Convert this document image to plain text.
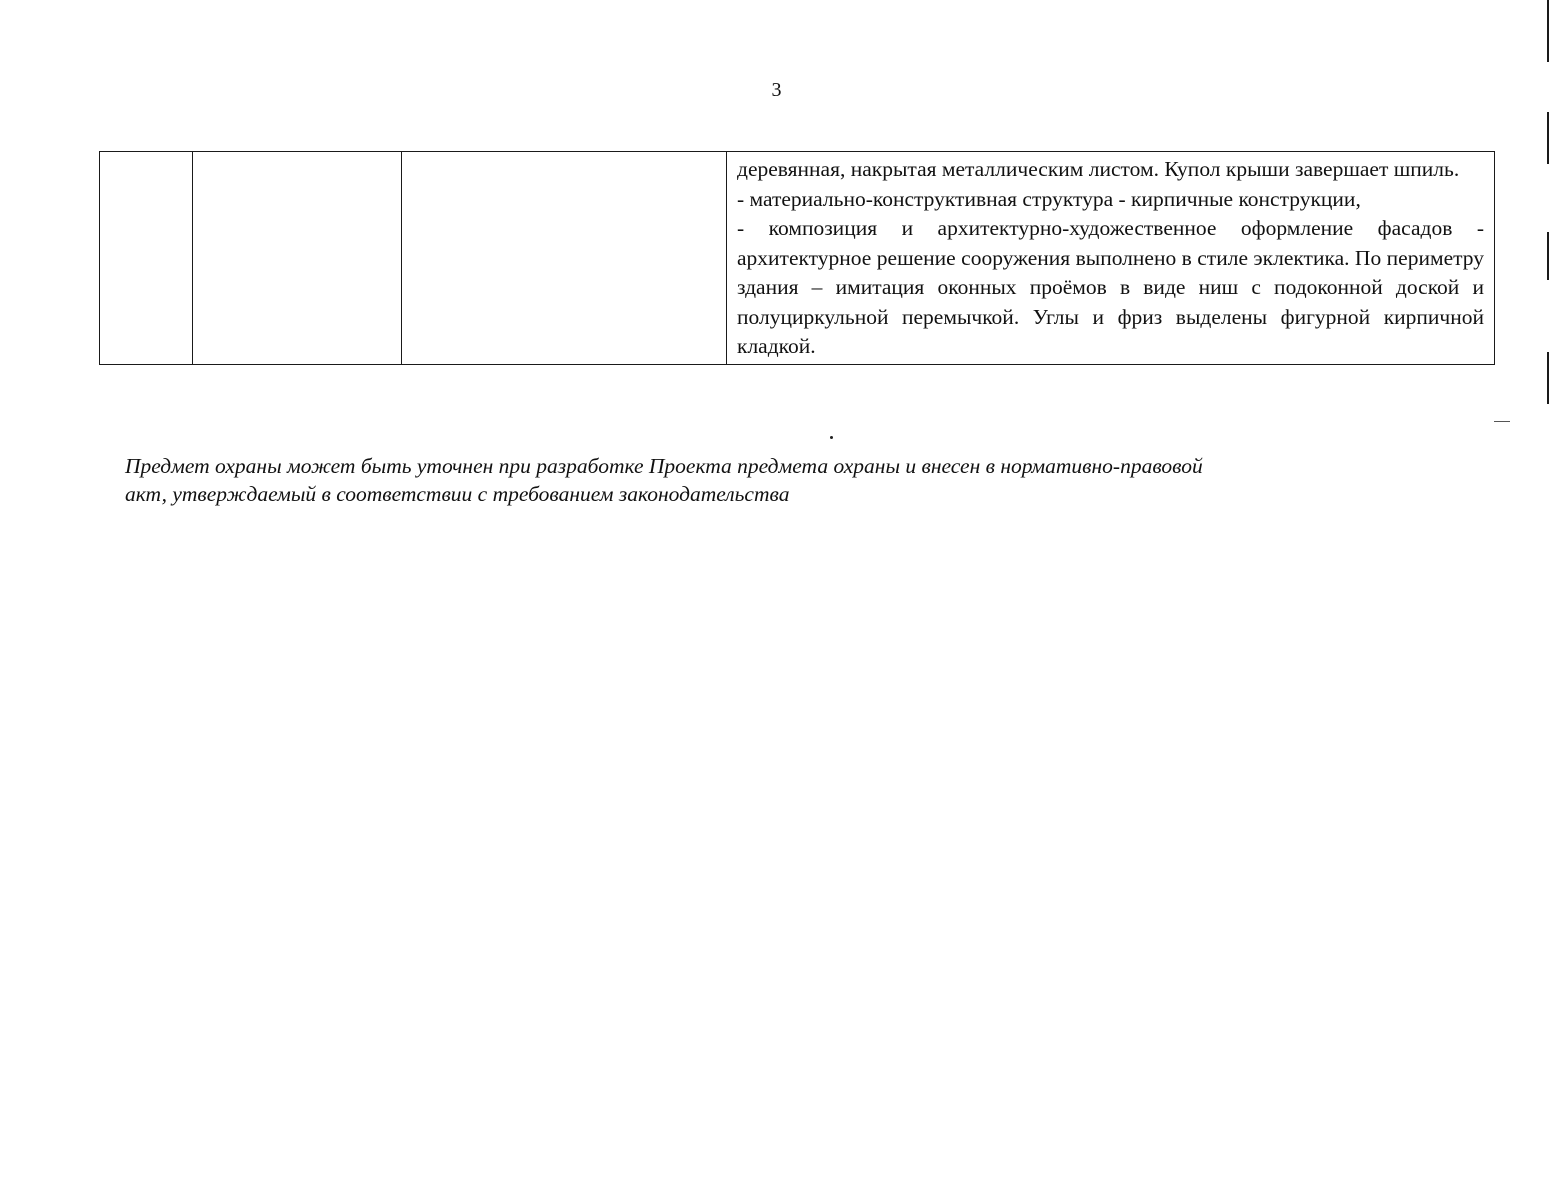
3

деревянная, накрытая металлическим листом. Купол крыши завершает шпиль.

- материально-конструктивная структура - кирпичные конструкции,

- композиция и архитектурно-художественное оформление фасадов - архитектурное решение сооружения выполнено в стиле эклектика. По периметру здания – имитация оконных проёмов в виде ниш с подоконной доской и полуциркульной перемычкой. Углы и фриз выделены фигурной кирпичной кладкой.

Предмет охраны может быть уточнен при разработке Проекта предмета охраны и внесен в нормативно-правовой

акт, утверждаемый в соответствии с требованием законодательства
